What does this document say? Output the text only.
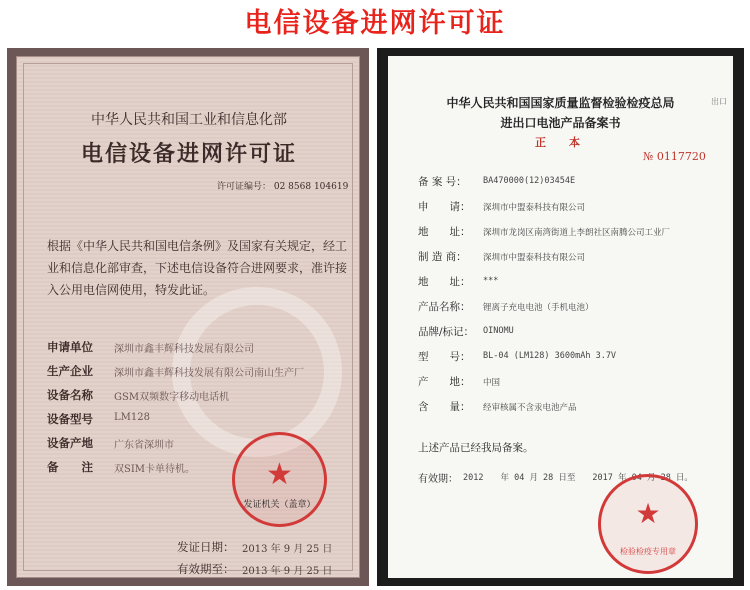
电信设备进网许可证
中华人民共和国工业和信息化部
电信设备进网许可证
许可证编号： 02 8568 104619
根据《中华人民共和国电信条例》及国家有关规定，经工业和信息化部审查，下述电信设备符合进网要求，准许接入公用电信网使用，特发此证。
申请单位 深圳市鑫丰辉科技发展有限公司
生产企业 深圳市鑫丰辉科技发展有限公司南山生产厂
设备名称 GSM双频数字移动电话机
设备型号 LM128
设备产地 广东省深圳市
备　　注 双SIM卡单待机。	★
发证机关（盖章）
发证日期： 2013 年 9 月 25 日
有效期至： 2013 年 9 月 25 日
出口
中华人民共和国国家质量监督检验检疫总局
进出口电池产品备案书
正　本
№ 0117720
备 案 号： BA470000(12)03454E
申　　请： 深圳市中盟泰科技有限公司
地　　址： 深圳市龙岗区南湾街道上李朗社区南腾公司工业厂
制 造 商： 深圳市中盟泰科技有限公司
地　　址： ***
产品名称： 锂离子充电电池（手机电池）
品牌/标记： OINOMU
型　　号： BL-04 (LM128) 3600mAh 3.7V
产　　地： 中国
含　　量： 经审核属不含汞电池产品
上述产品已经我局备案。
有效期： 2012　　年 04 月 28 日至　　2017 年 04 月 28 日。
★
检验检疫专用章
